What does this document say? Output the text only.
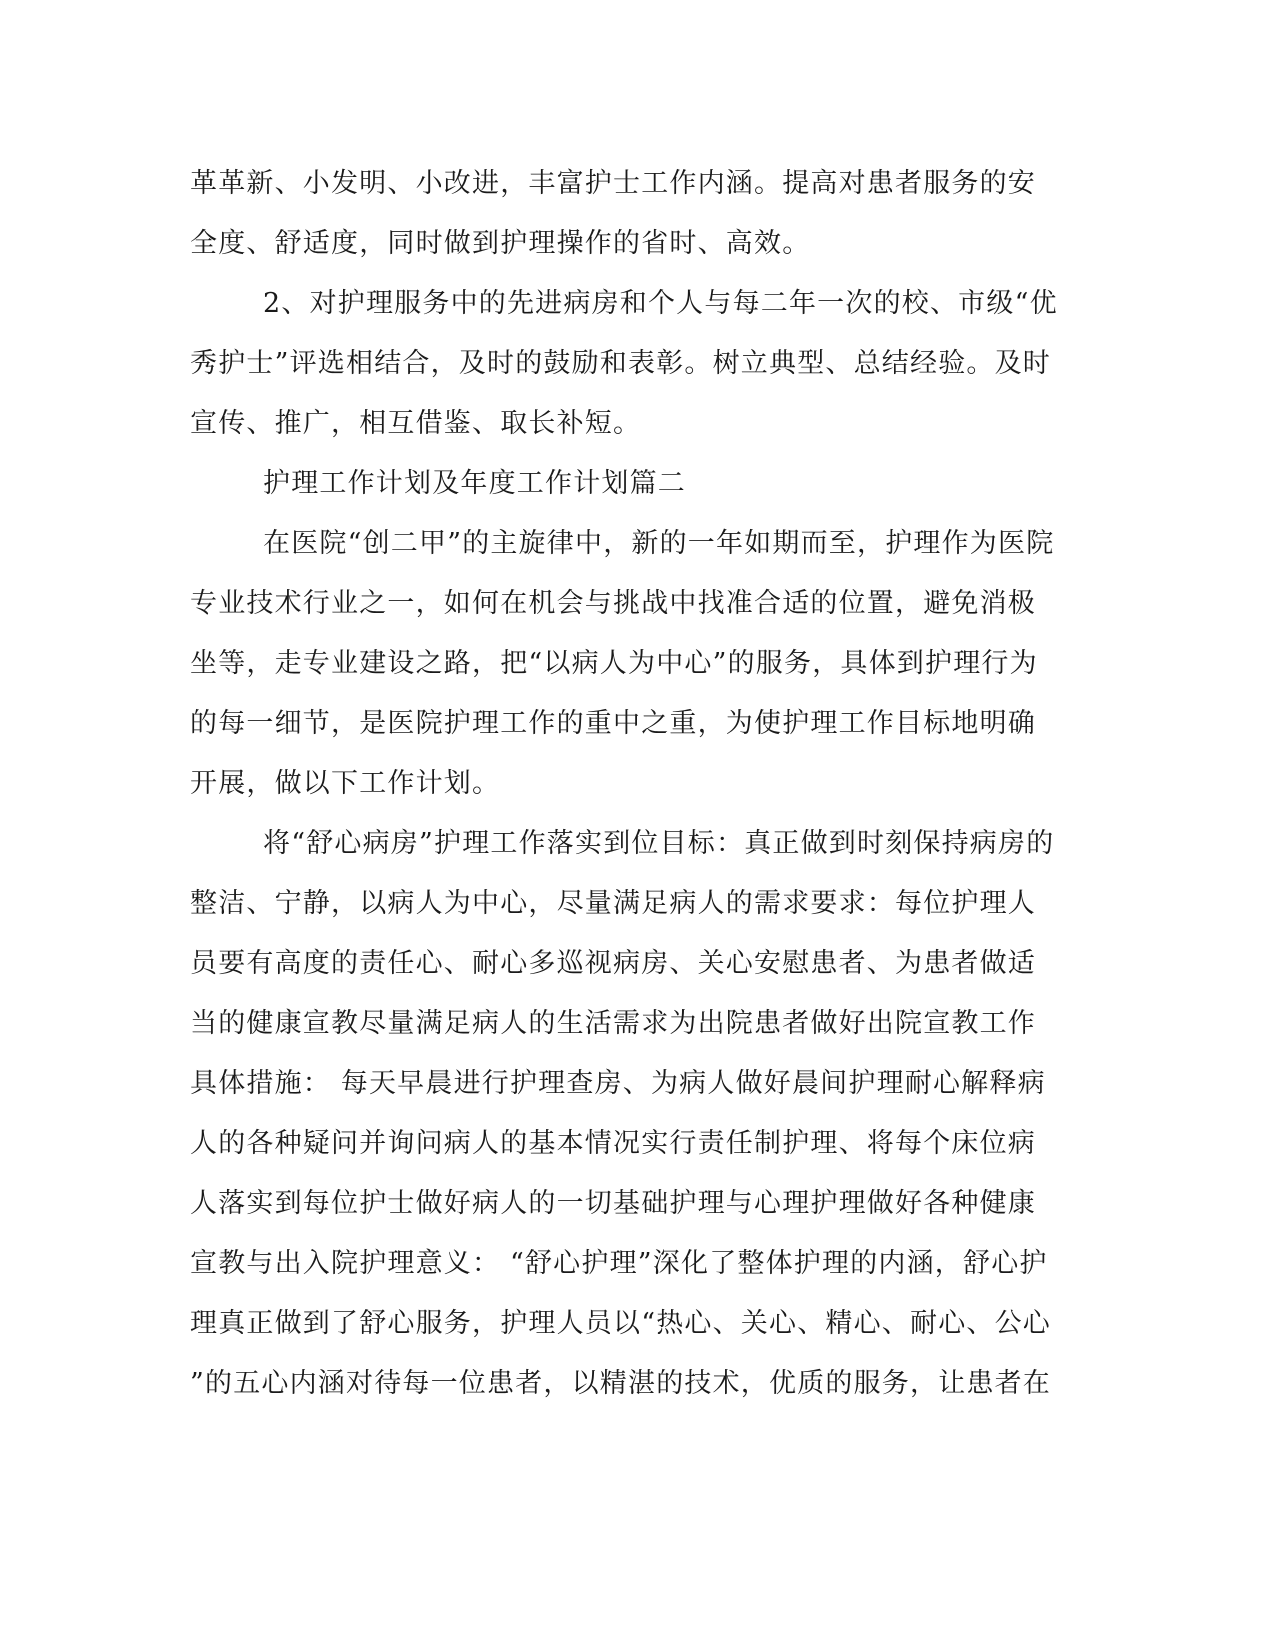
革革新、小发明、小改进，丰富护士工作内涵。提高对患者服务的安
全度、舒适度，同时做到护理操作的省时、高效。
2、对护理服务中的先进病房和个人与每二年一次的校、市级“优
秀护士”评选相结合，及时的鼓励和表彰。树立典型、总结经验。及时
宣传、推广，相互借鉴、取长补短。
护理工作计划及年度工作计划篇二
在医院“创二甲”的主旋律中，新的一年如期而至，护理作为医院
专业技术行业之一，如何在机会与挑战中找准合适的位置，避免消极
坐等，走专业建设之路，把“以病人为中心”的服务，具体到护理行为
的每一细节，是医院护理工作的重中之重，为使护理工作目标地明确
开展，做以下工作计划。
将“舒心病房”护理工作落实到位目标：真正做到时刻保持病房的
整洁、宁静，以病人为中心，尽量满足病人的需求要求：每位护理人
员要有高度的责任心、耐心多巡视病房、关心安慰患者、为患者做适
当的健康宣教尽量满足病人的生活需求为出院患者做好出院宣教工作
具体措施： 每天早晨进行护理查房、为病人做好晨间护理耐心解释病
人的各种疑问并询问病人的基本情况实行责任制护理、将每个床位病
人落实到每位护士做好病人的一切基础护理与心理护理做好各种健康
宣教与出入院护理意义： “舒心护理”深化了整体护理的内涵，舒心护
理真正做到了舒心服务，护理人员以“热心、关心、精心、耐心、公心
”的五心内涵对待每一位患者，以精湛的技术，优质的服务，让患者在
